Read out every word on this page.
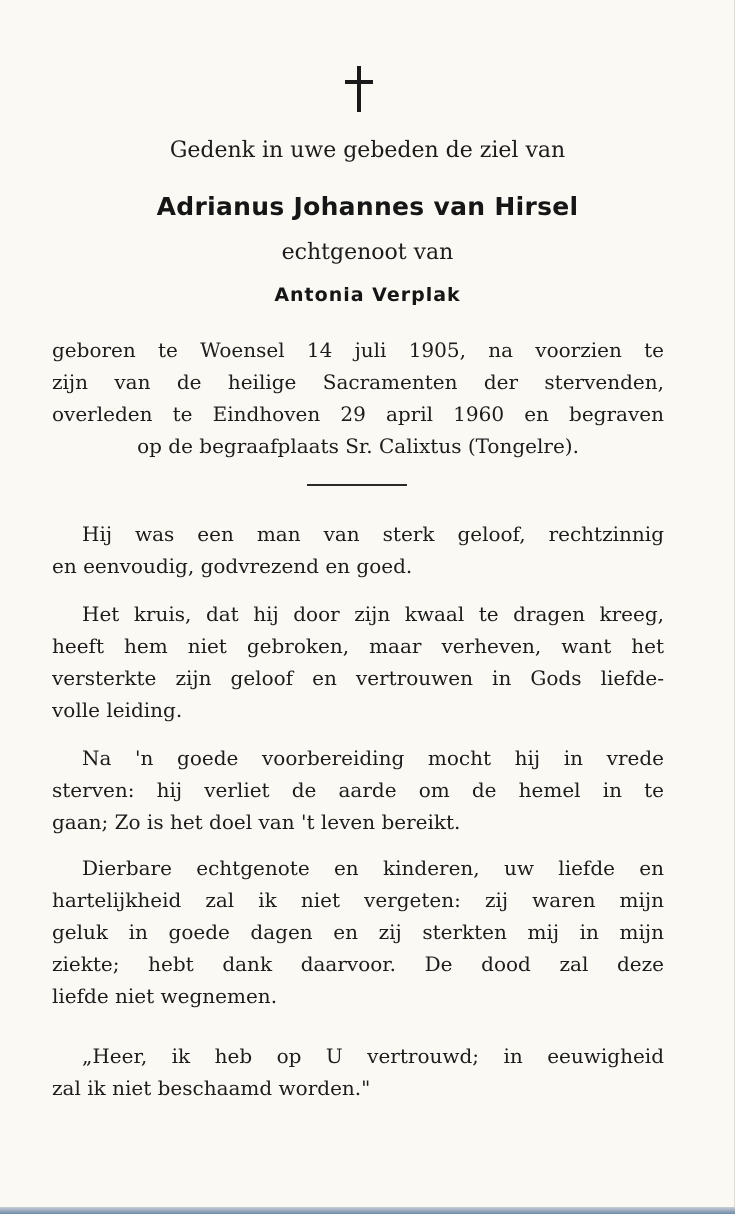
Gedenk in uwe gebeden de ziel van
Adrianus Johannes van Hirsel
echtgenoot van
Antonia Verplak
geboren te Woensel 14 juli 1905, na voorzien te
zijn van de heilige Sacramenten der stervenden,
overleden te Eindhoven 29 april 1960 en begraven
op de begraafplaats Sr. Calixtus (Tongelre).
Hij was een man van sterk geloof, rechtzinnig
en eenvoudig, godvrezend en goed.
Het kruis, dat hij door zijn kwaal te dragen kreeg,
heeft hem niet gebroken, maar verheven, want het
versterkte zijn geloof en vertrouwen in Gods liefde-
volle leiding.
Na 'n goede voorbereiding mocht hij in vrede
sterven: hij verliet de aarde om de hemel in te
gaan; Zo is het doel van 't leven bereikt.
Dierbare echtgenote en kinderen, uw liefde en
hartelijkheid zal ik niet vergeten: zij waren mijn
geluk in goede dagen en zij sterkten mij in mijn
ziekte; hebt dank daarvoor. De dood zal deze
liefde niet wegnemen.
„Heer, ik heb op U vertrouwd; in eeuwigheid
zal ik niet beschaamd worden."
